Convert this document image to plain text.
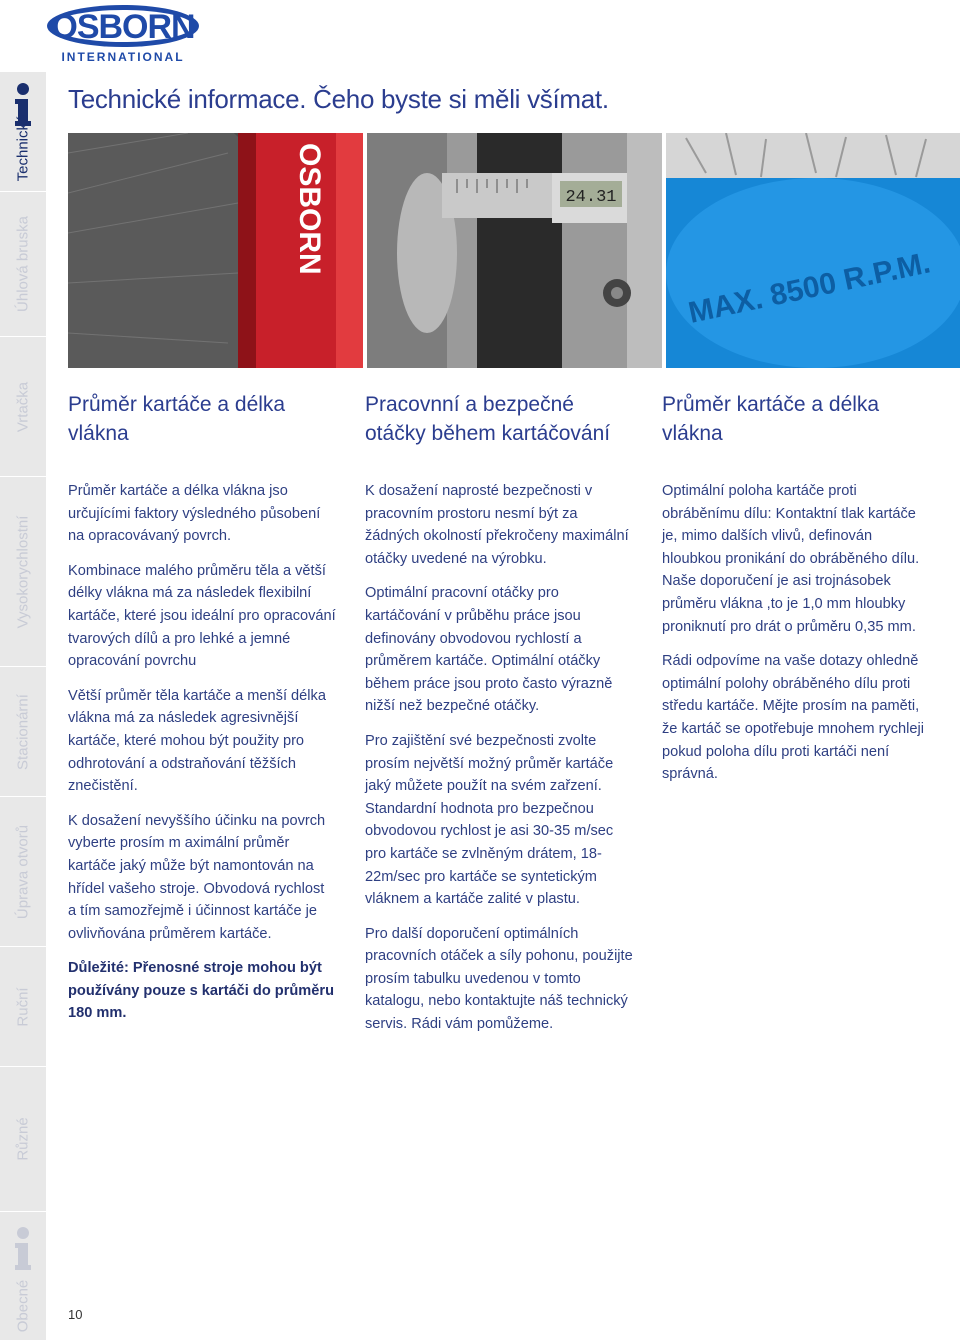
OSBORN
INTERNATIONAL
Technické
Úhlová bruska
Vrtačka
Vysokorychlostní
Stacionární
Úprava otvorů
Ruční
Různé
Obecné
Technické informace. Čeho byste si měli všímat.
OSBORN	24.31
MAX. 8500 R.P.M.
Průměr kartáče a délka vlákna

Průměr kartáče a délka vlákna jso určujícími faktory výsledného působení na opracovávaný povrch.

Kombinace malého průměru těla a větší délky vlákna má za následek flexibilní kartáče, které jsou ideální pro opracování tvarových dílů a pro lehké a jemné opracování povrchu

Větší průměr těla kartáče a menší délka vlákna má za následek agresivnější kartáče, které mohou být použity pro odhrotování a odstraňování těžších znečistění.

K dosažení nevyššího účinku na povrch vyberte prosím m aximální průměr kartáče jaký může být namontován na hřídel vašeho stroje. Obvodová rychlost a tím samozřejmě i účinnost kartáče je ovlivňována průměrem kartáče.

Důležité: Přenosné stroje mohou být používány pouze s kartáči do průměru 180 mm.

Pracovnní a bezpečné otáčky během kartáčování

K dosažení naprosté bezpečnosti v pracovním prostoru nesmí být za žádných okolností překročeny maximální otáčky uvedené na výrobku.

Optimální pracovní otáčky pro kartáčování v průběhu práce jsou definovány obvodovou rychlostí a průměrem kartáče. Optimální otáčky během práce jsou proto často výrazně nižší než bezpečné otáčky.

Pro zajištění své bezpečnosti zvolte prosím největší možný průměr kartáče jaký můžete použít na svém zařzení. Standardní hodnota pro bezpečnou obvodovou rychlost je asi 30-35 m/sec pro kartáče se zvlněným drátem, 18-22m/sec pro kartáče se syntetickým vláknem a kartáče zalité v plastu.

Pro další doporučení optimálních pracovních otáček a síly pohonu, použijte prosím tabulku uvedenou v tomto katalogu, nebo kontaktujte náš technický servis. Rádi vám pomůžeme.

Průměr kartáče a délka vlákna

Optimální poloha kartáče proti obráběnímu dílu: Kontaktní tlak kartáče je, mimo dalších vlivů, definován hloubkou pronikání do obráběného dílu. Naše doporučení je asi trojnásobek průměru vlákna ,to je 1,0 mm hloubky proniknutí pro drát o průměru 0,35 mm.

Rádi odpovíme na vaše dotazy ohledně optimální polohy obráběného dílu proti středu kartáče. Mějte prosím na paměti, že kartáč se opotřebuje mnohem rychleji pokud poloha dílu proti kartáči není správná.

10
